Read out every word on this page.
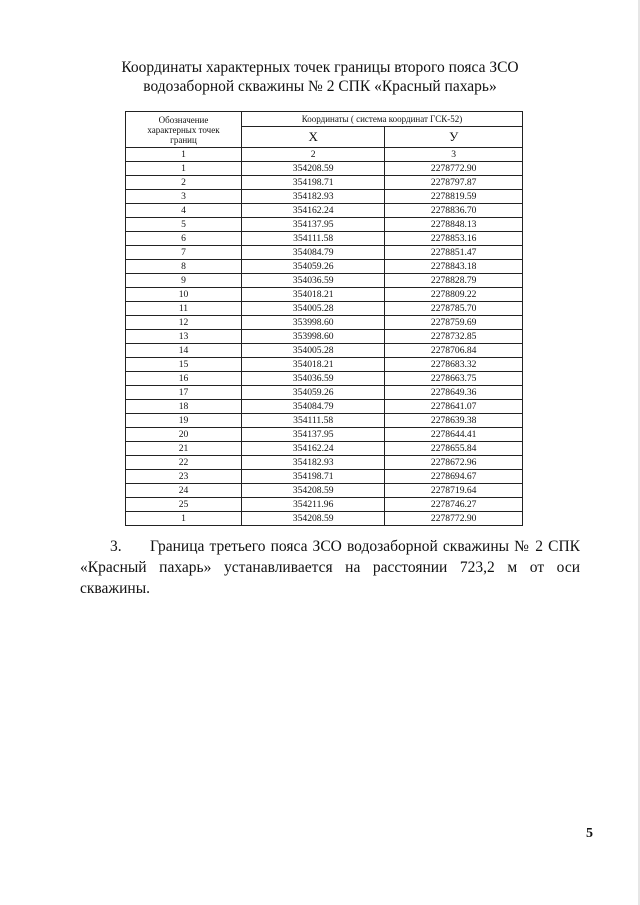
Координаты характерных точек границы второго пояса ЗСО
водозаборной скважины № 2 СПК «Красный пахарь»
Обозначение
характерных точек
границ	Координаты ( система координат ГСК-52)	
	X	У
1	2	3
1	354208.59	2278772.90
2	354198.71	2278797.87
3	354182.93	2278819.59
4	354162.24	2278836.70
5	354137.95	2278848.13
6	354111.58	2278853.16
7	354084.79	2278851.47
8	354059.26	2278843.18
9	354036.59	2278828.79
10	354018.21	2278809.22
11	354005.28	2278785.70
12	353998.60	2278759.69
13	353998.60	2278732.85
14	354005.28	2278706.84
15	354018.21	2278683.32
16	354036.59	2278663.75
17	354059.26	2278649.36
18	354084.79	2278641.07
19	354111.58	2278639.38
20	354137.95	2278644.41
21	354162.24	2278655.84
22	354182.93	2278672.96
23	354198.71	2278694.67
24	354208.59	2278719.64
25	354211.96	2278746.27
1	354208.59	2278772.90
3. Граница третьего пояса ЗСО водозаборной скважины № 2 СПК
«Красный пахарь» устанавливается на расстоянии 723,2 м от оси скважины.
5
